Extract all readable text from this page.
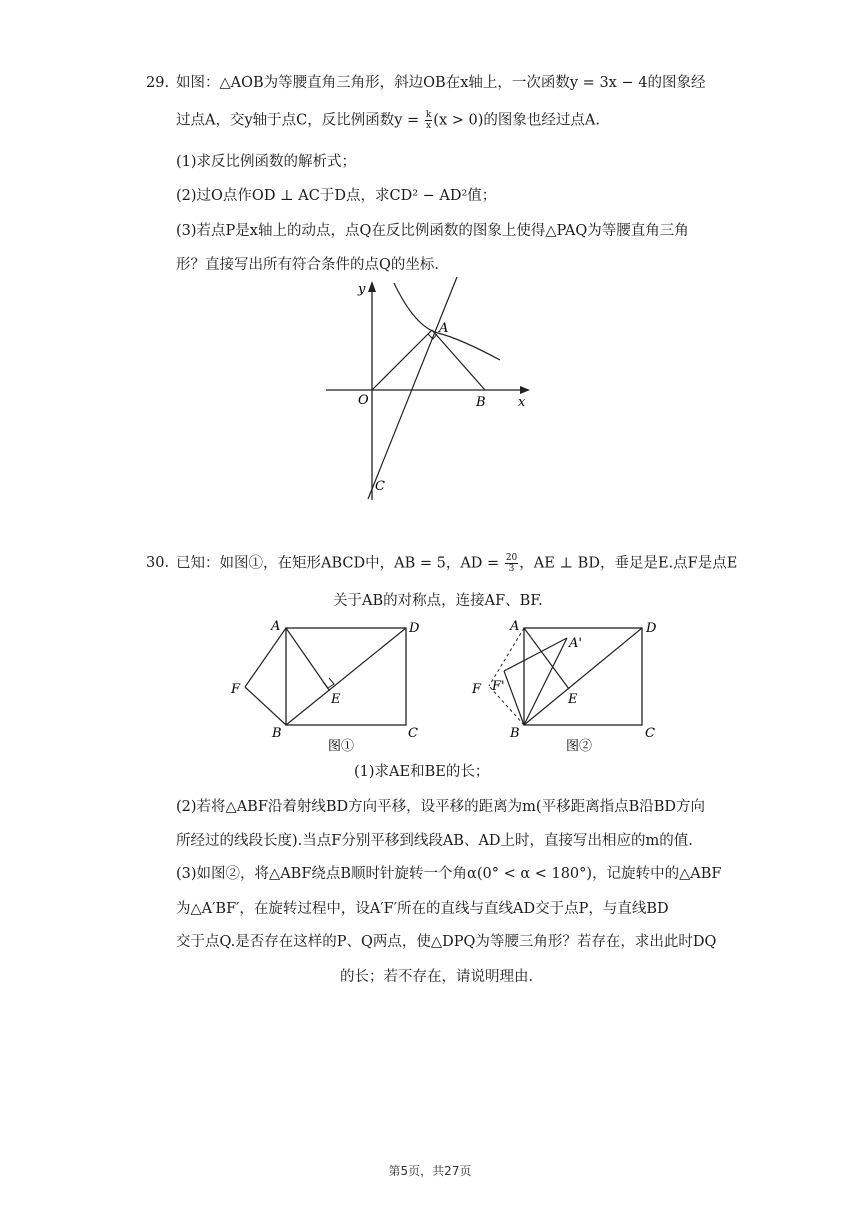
29. 如图：△AOB为等腰直角三角形，斜边OB在x轴上，一次函数y = 3x − 4的图象经
过点A，交y轴于点C，反比例函数$y = \frac{k}{x} (x > 0)$的图象也经过点A.
(1)求反比例函数的解析式；
(2)过O点作OD ⊥ AC于D点，求CD² − AD²值；
(3)若点P是x轴上的动点，点Q在反比例函数的图象上使得△PAQ为等腰直角三角
形？直接写出所有符合条件的点Q的坐标.
y
x
O
A
B
C
30. 已知：如图①，在矩形ABCD中，AB = 5，AD = $\frac{20}{3}$ ，AE ⊥ BD，垂足是E.点F是点E
关于AB的对称点，连接AF、BF.
A	D
F
E
B	C
图①
A
A'
D
F'
F
E
B	C
图②
(1)求AE和BE的长；
(2)若将△ABF沿着射线BD方向平移，设平移的距离为m(平移距离指点B沿BD方向
所经过的线段长度).当点F分别平移到线段AB、AD上时，直接写出相应的m的值.
(3)如图②，将△ABF绕点B顺时针旋转一个角α(0° < α < 180°)，记旋转中的△ABF
为△A′BF′，在旋转过程中，设A′F′所在的直线与直线AD交于点P，与直线BD
交于点Q.是否存在这样的P、Q两点，使△DPQ为等腰三角形？若存在，求出此时DQ
的长；若不存在，请说明理由.
第5页，共27页
